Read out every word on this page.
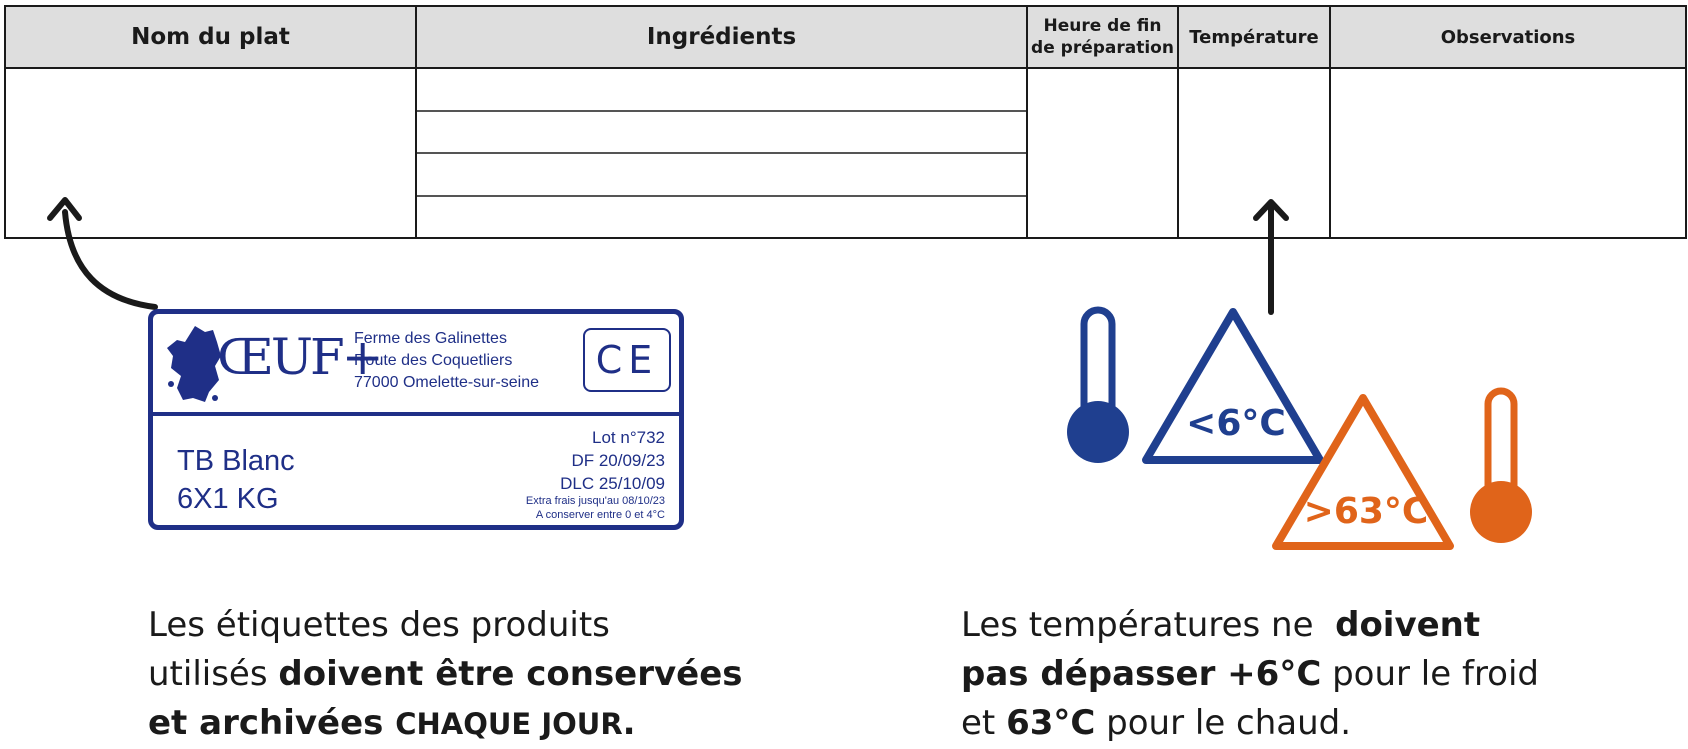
Nom du plat	Ingrédients	Heure de fin de préparation	Température	Observations

ŒUF+
Ferme des Galinettes
Route des Coquetliers
77000 Omelette-sur-seine
CE
TB Blanc
6X1 KG
Lot n°732
DF 20/09/23
DLC 25/10/09
Extra frais jusqu'au 08/10/23
A conserver entre 0 et 4°C
<6°C
>63°C
Les étiquettes des produits
utilisés doivent être conservées
et archivées CHAQUE JOUR.
Les températures ne  doivent
pas dépasser +6°C pour le froid
et 63°C pour le chaud.
